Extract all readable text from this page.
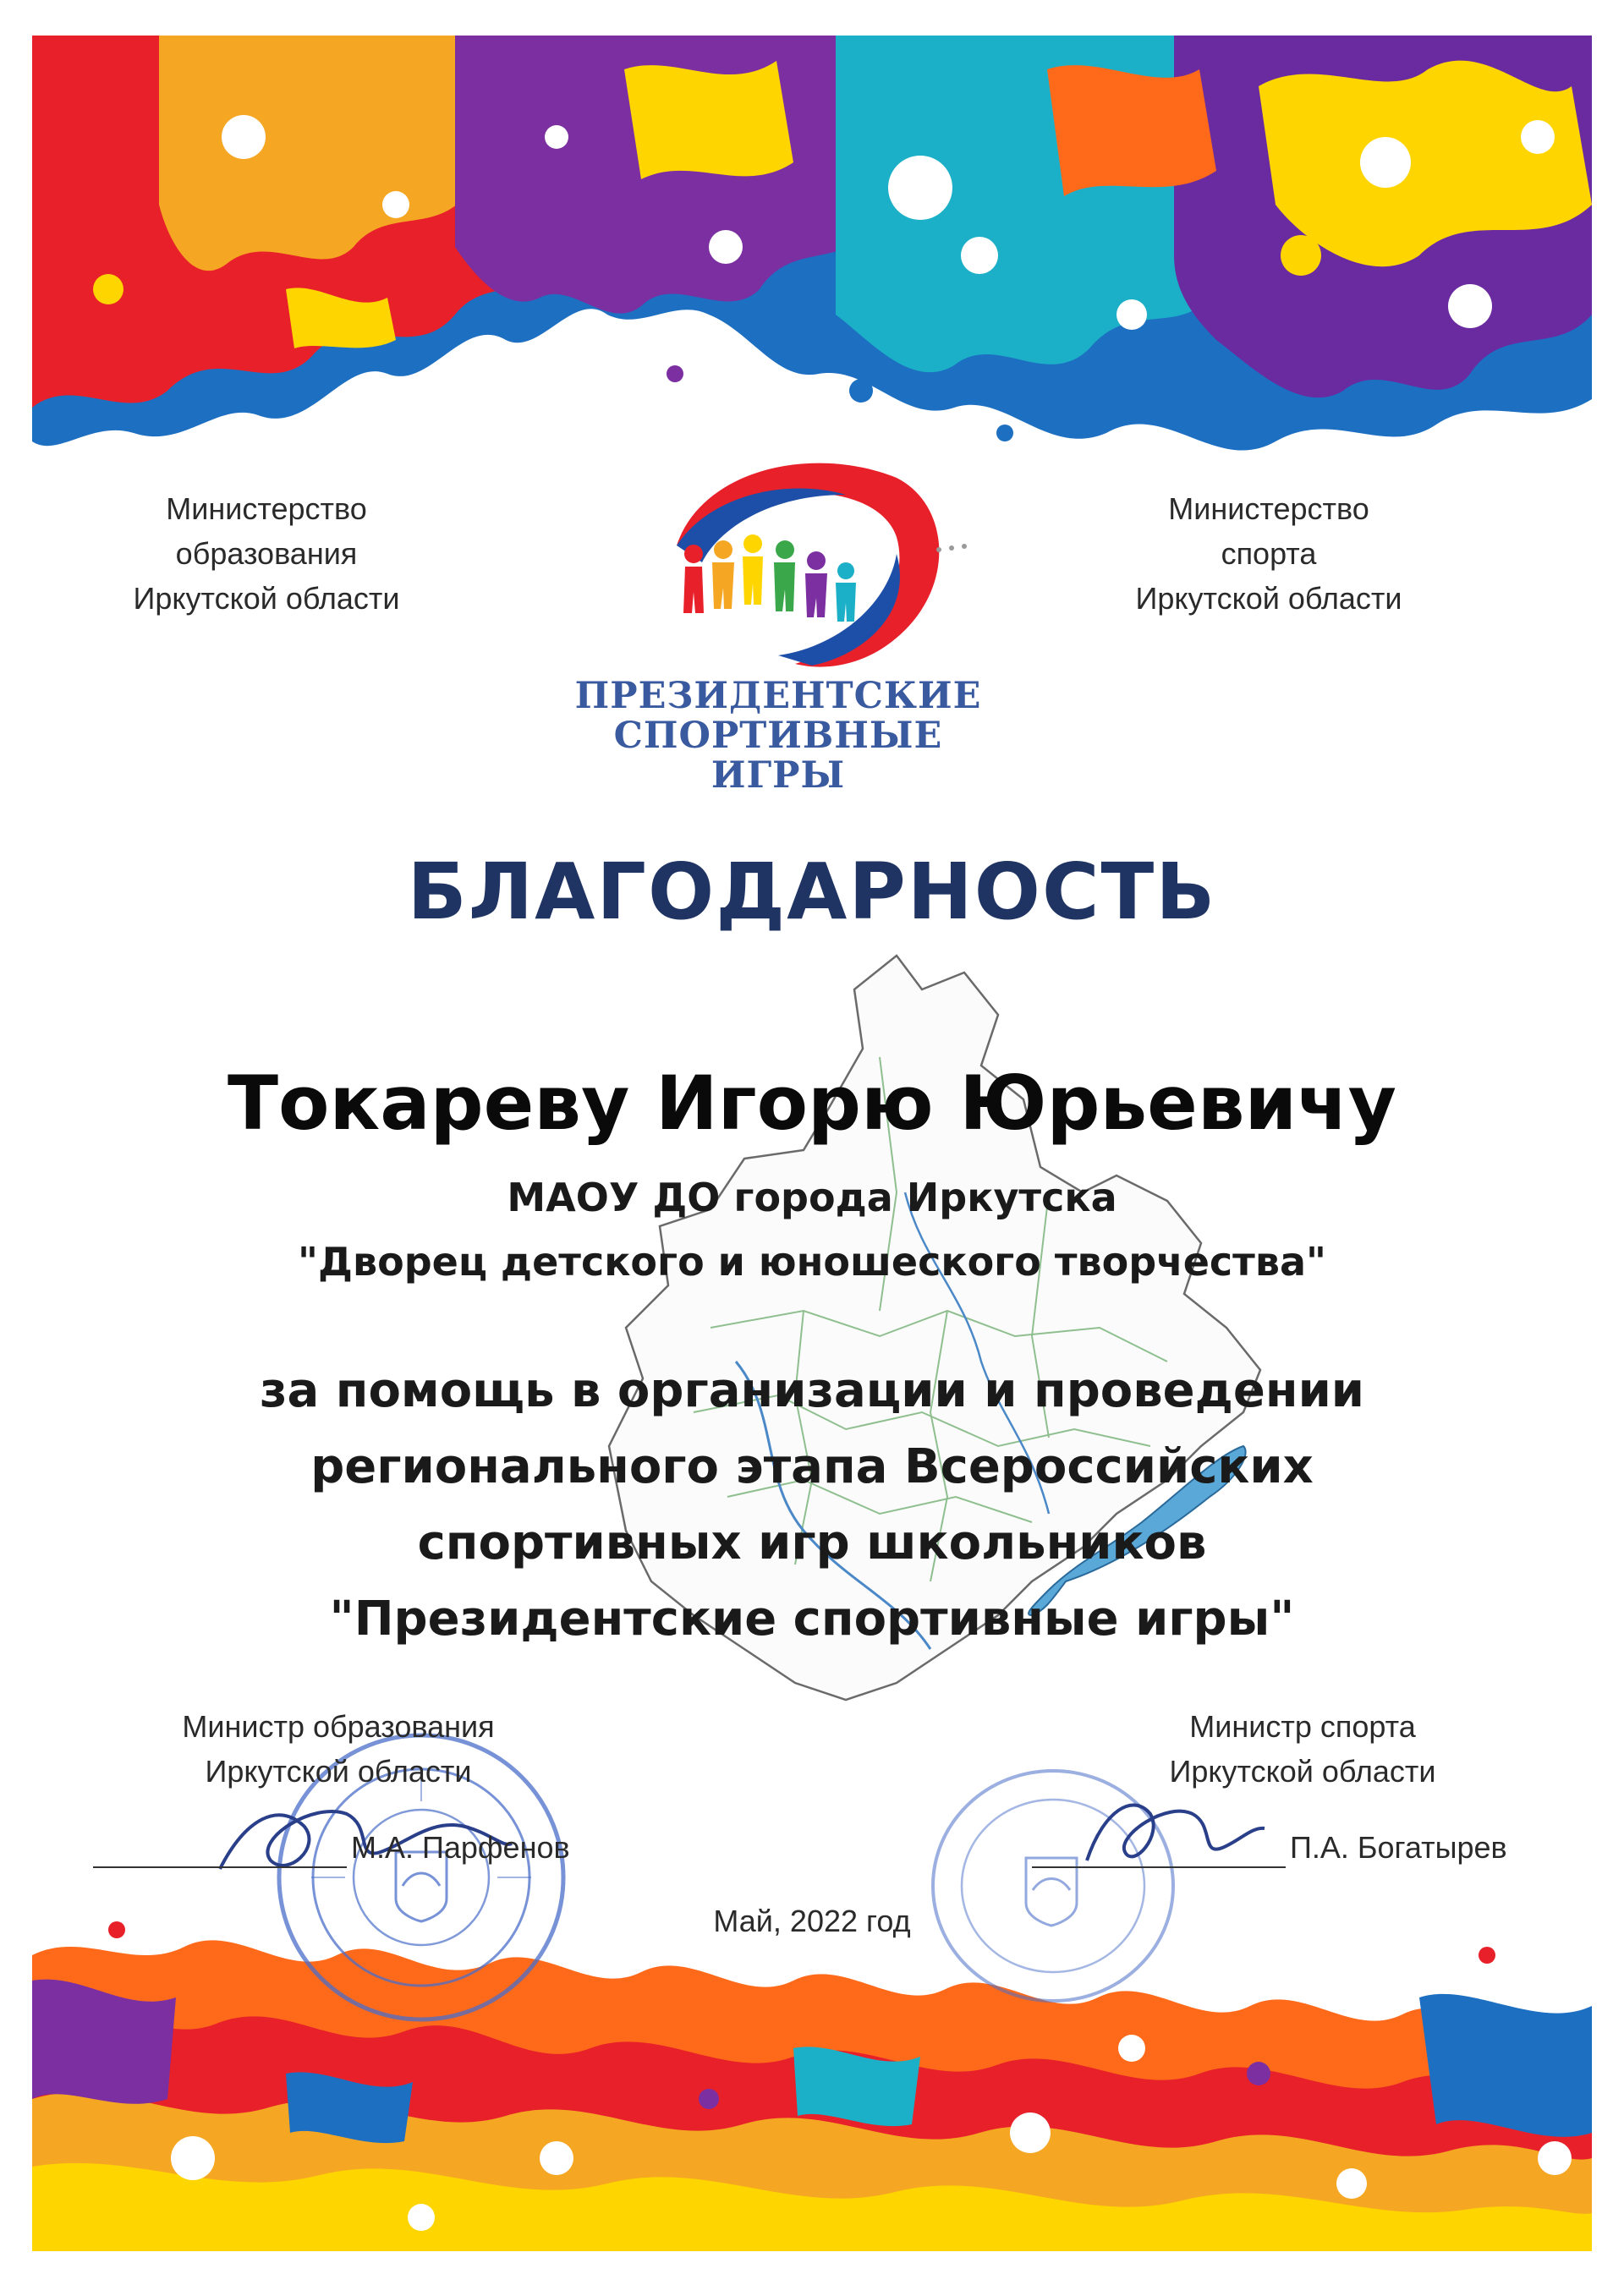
Министерство
образования
Иркутской области
Министерство
спорта
Иркутской области
ПРЕЗИДЕНТСКИЕ
СПОРТИВНЫЕ
ИГРЫ
БЛАГОДАРНОСТЬ
Токареву Игорю Юрьевичу
МАОУ ДО города Иркутска
"Дворец детского и юношеского творчества"
за помощь в организации и проведении
регионального этапа Всероссийских
спортивных игр школьников
"Президентские спортивные игры"
Министр образования
Иркутской области
Министр спорта
Иркутской области
М.А. Парфенов	П.А. Богатырев
Май, 2022 год
